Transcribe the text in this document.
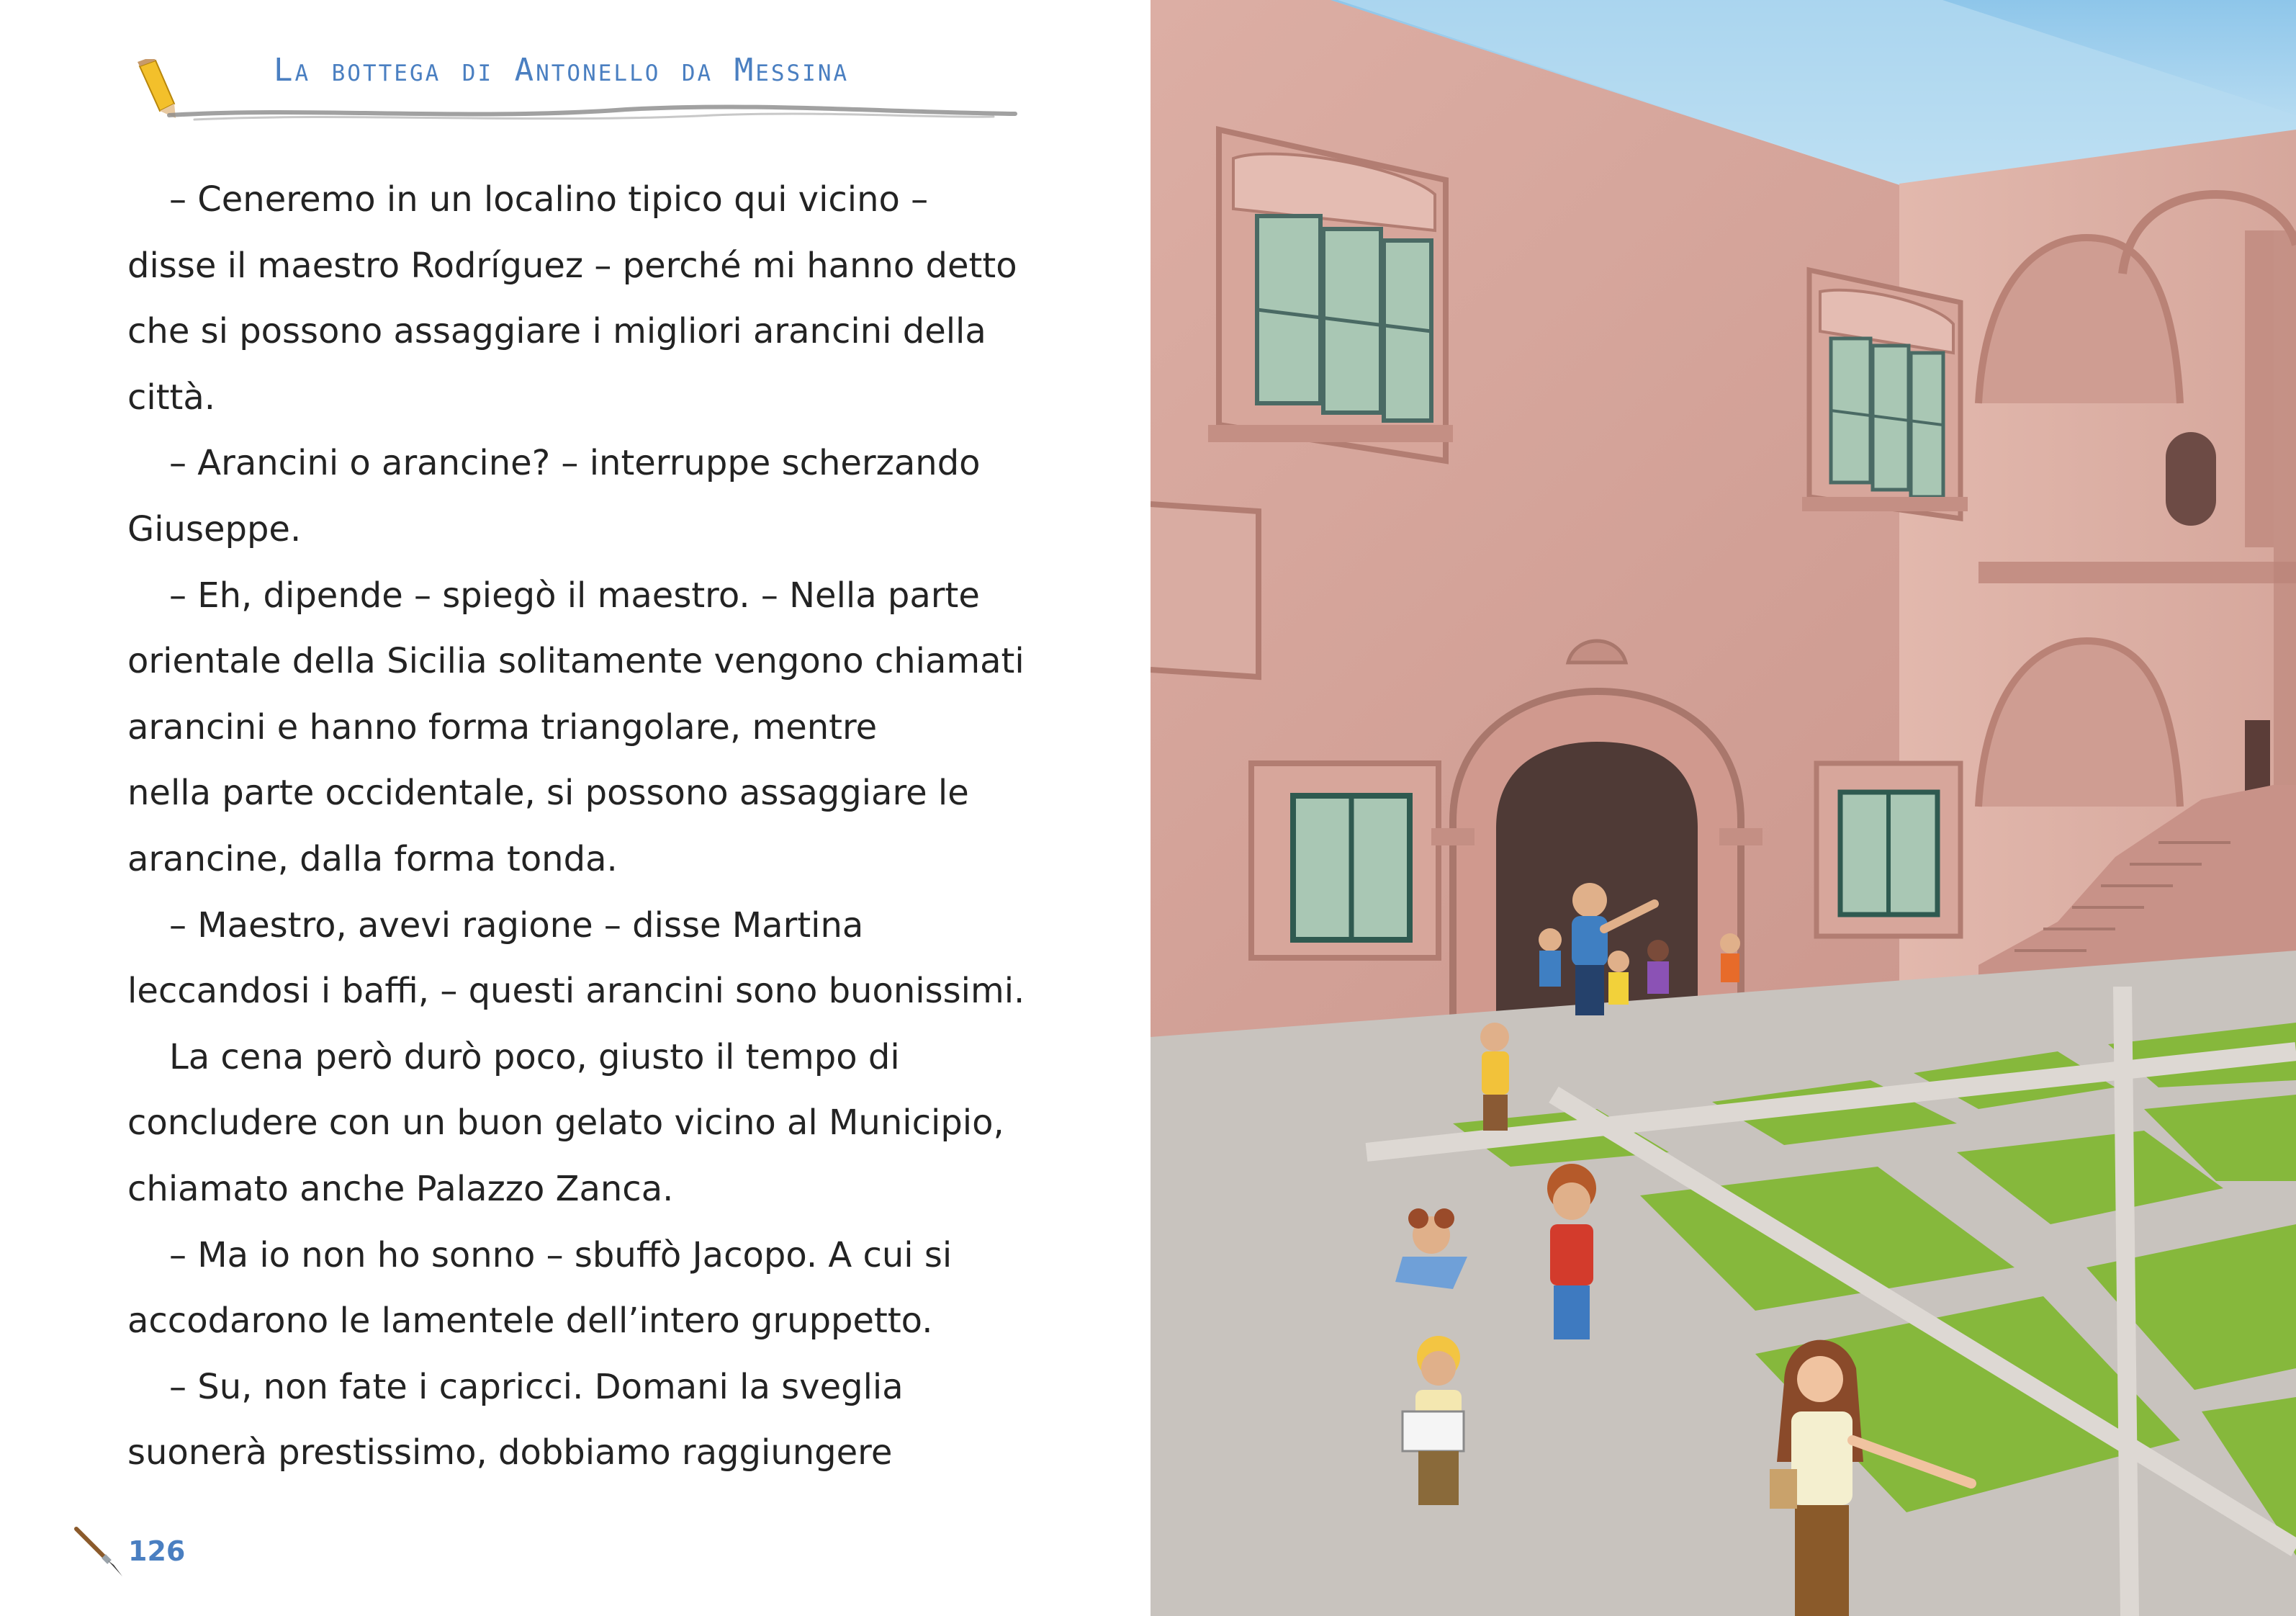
La bottega di Antonello da Messina

– Ceneremo in un localino tipico qui vicino –

disse il maestro Rodríguez – perché mi hanno detto

che si possono assaggiare i migliori arancini della

città.

– Arancini o arancine? – interruppe scherzando

Giuseppe.

– Eh, dipende – spiegò il maestro. – Nella parte

orientale della Sicilia solitamente vengono chiamati

arancini e hanno forma triangolare, mentre

nella parte occidentale, si possono assaggiare le

arancine, dalla forma tonda.

– Maestro, avevi ragione – disse Martina

leccandosi i baffi, – questi arancini sono buonissimi.

La cena però durò poco, giusto il tempo di

concludere con un buon gelato vicino al Municipio,

chiamato anche Palazzo Zanca.

– Ma io non ho sonno – sbuffò Jacopo. A cui si

accodarono le lamentele dell’intero gruppetto.

– Su, non fate i capricci. Domani la sveglia

suonerà prestissimo, dobbiamo raggiungere

126
